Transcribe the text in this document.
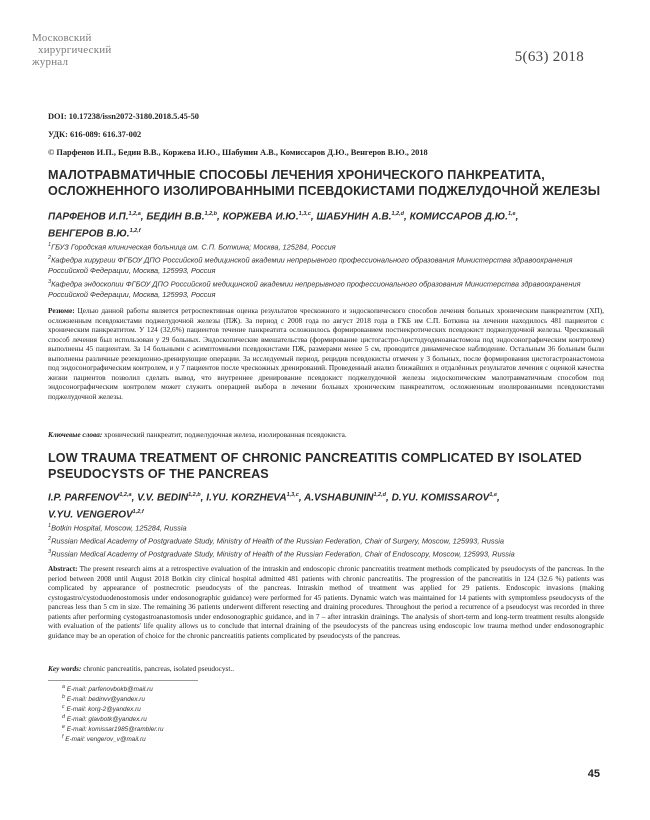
Московский
хирургический
журнал	5(63) 2018
DOI: 10.17238/issn2072-3180.2018.5.45-50
УДК: 616-089: 616.37-002
© Парфенов И.П., Бедин В.В., Коржева И.Ю., Шабунин А.В., Комиссаров Д.Ю., Венгеров В.Ю., 2018
МАЛОТРАВМАТИЧНЫЕ СПОСОБЫ ЛЕЧЕНИЯ ХРОНИЧЕСКОГО ПАНКРЕАТИТА,
ОСЛОЖНЕННОГО ИЗОЛИРОВАННЫМИ ПСЕВДОКИСТАМИ ПОДЖЕЛУДОЧНОЙ ЖЕЛЕЗЫ
ПАРФЕНОВ И.П.$^{1,2,a}$, БЕДИН В.В.$^{1,2,b}$, КОРЖЕВА И.Ю.$^{1,3,c}$, ШАБУНИН А.В.$^{1,2,d}$, КОМИССАРОВ Д.Ю.$^{1,e}$,
ВЕНГЕРОВ В.Ю.$^{1,2,f}$
$^1$ГБУЗ Городская клиническая больница им. С.П. Боткина; Москва, 125284, Россия
$^2$Кафедра хирургии ФГБОУ ДПО Российской медицинской академии непрерывного профессионального образования Министерства здравоохранения Российской Федерации, Москва, 125993, Россия
$^3$Кафедра эндоскопии ФГБОУ ДПО Российской медицинской академии непрерывного профессионального образования Министерства здравоохранения Российской Федерации, Москва, 125993, Россия
Резюме: Целью данной работы является ретроспективная оценка результатов чрескожного и эндоскопического способов лечения больных хроническим панкреатитом (ХП), осложненным псевдокистами поджелудочной железы (ПЖ). За период с 2008 года по август 2018 года в ГКБ им С.П. Боткина на лечении находилось 481 пациентов с хроническим панкреатитом. У 124 (32,6%) пациентов течение панкреатита осложнилось формированием постнекротических псевдокист поджелудочной железы. Чрескожный способ лечения был использован у 29 больных. Эндоскопические вмешательства (формирование цистогастро-/цистодуоденоанастомоза под эндосонографическим контролем) выполнены 45 пациентам. За 14 больными с асимптомными псевдокистами ПЖ, размерами менее 5 см, проводится динамическое наблюдение. Остальным 36 больным были выполнены различные резекционно-дренирующие операции. За исследуемый период, рецидив псевдокисты отмечен у 3 больных, после формирования цистогастроанастомоза под эндосонографическим контролем, и у 7 пациентов после чрескожных дренирований. Проведенный анализ ближайших и отдалённых результатов лечения с оценкой качества жизни пациентов позволил сделать вывод, что внутреннее дренирование псевдокист поджелудочной железы эндоскопическим малотравматичным способом под эндосонографическим контролем может служить операцией выбора в лечении больных хроническим панкреатитом, осложненным изолированными псевдокистами поджелудочной железы.
Ключевые слова: хронический панкреатит, поджелудочная железа, изолированная псевдокиста.
LOW TRAUMA TREATMENT OF CHRONIC PANCREATITIS COMPLICATED BY ISOLATED
PSEUDOCYSTS OF THE PANCREAS
I.P. PARFENOV$^{1,2,a}$, V.V. BEDIN$^{1,2,b}$, I.YU. KORZHEVA$^{1,3,c}$, A.VSHABUNIN$^{1,2,d}$, D.YU. KOMISSAROV$^{1,e}$,
V.YU. VENGEROV$^{1,2,f}$
$^1$Botkin Hospital, Moscow, 125284, Russia
$^2$Russian Medical Academy of Postgraduate Study, Ministry of Health of the Russian Federation, Chair of Surgery, Moscow, 125993, Russia
$^3$Russian Medical Academy of Postgraduate Study, Ministry of Health of the Russian Federation, Chair of Endoscopy, Moscow, 125993, Russia
Abstract: The present research aims at a retrospective evaluation of the intraskin and endoscopic chronic pancreatitis treatment methods complicated by pseudocysts of the pancreas. In the period between 2008 until August 2018 Botkin city clinical hospital admitted 481 patients with chronic pancreatitis. The progression of the pancreatitis in 124 (32.6 %) patients was complicated by appearance of postnecrotic pseudocysts of the pancreas. Intraskin method of treatment was applied for 29 patients. Endoscopic invasions (making cystogastro/cystoduodenostomosis under endosonographic guidance) were performed for 45 patients. Dynamic watch was maintained for 14 patients with symptomless pseudocysts of the pancreas less than 5 cm in size. The remaining 36 patients underwent different resecting and draining procedures. Throughout the period a recurrence of a pseudocyst was recorded in three patients after performing cystogastroanastomosis under endosonographic guidance, and in 7 – after intraskin drainings. The analysis of short-term and long-term treatment results alongside with evaluation of the patients' life quality allows us to conclude that internal draining of the pseudocysts of the pancreas using endoscopic low trauma method under endosonographic guidance may be an operation of choice for the chronic pancreatitis patients complicated by pseudocysts of the pancreas.
Key words: chronic pancreatitis, pancreas, isolated pseudocyst..
$^a$ E-mail: parfenovbokb@mail.ru
$^b$ E-mail: bedinvv@yandex.ru
$^c$ E-mail: korg-2@yandex.ru
$^d$ E-mail: glavbotk@yandex.ru
$^e$ E-mail: komissar1985@rambler.ru
$^f$ E-mail: vengerov_v@mail.ru
45
